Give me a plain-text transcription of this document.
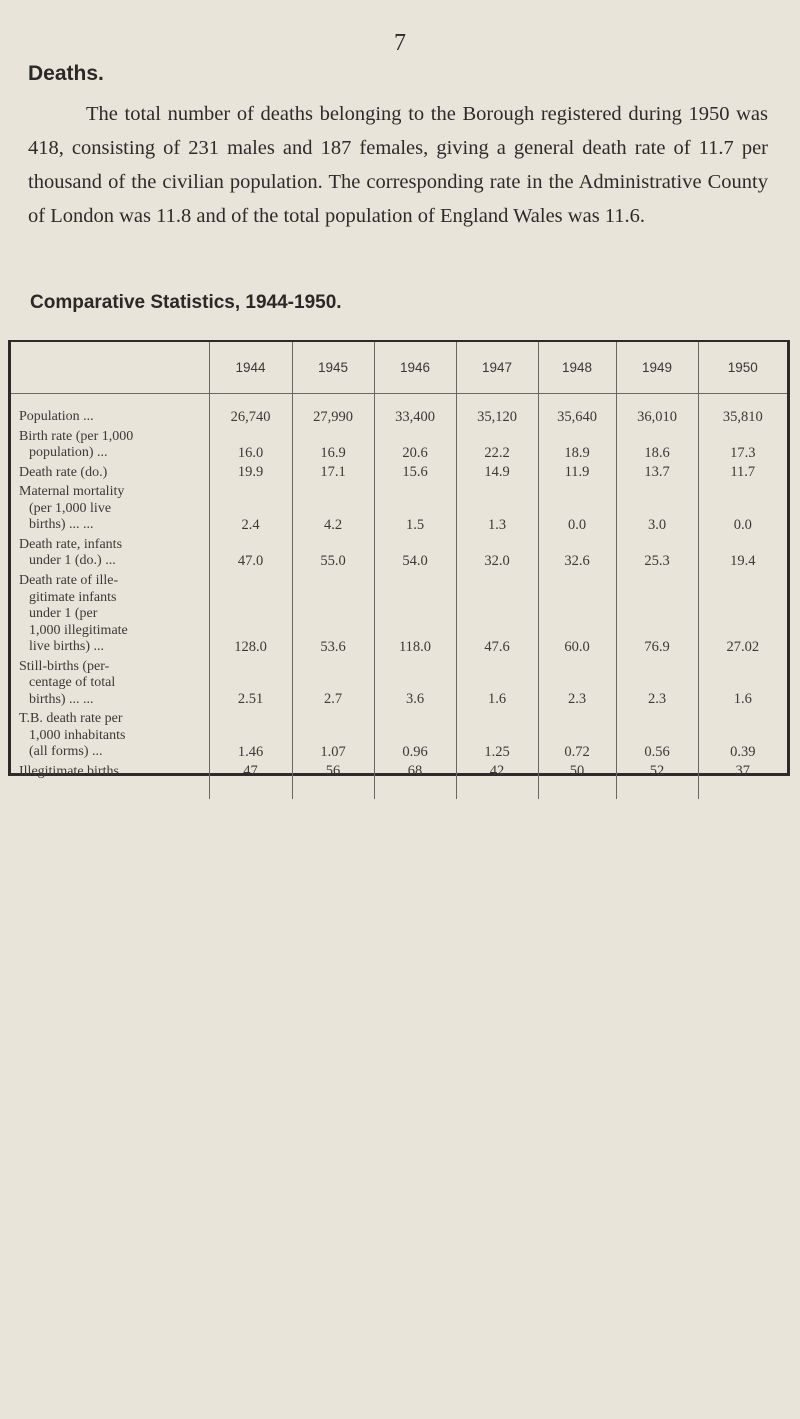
7
Deaths.

The total number of deaths belonging to the Borough registered during 1950 was 418, consisting of 231 males and 187 females, giving a general death rate of 11.7 per thousand of the civilian population. The corresponding rate in the Administrative County of London was 11.8 and of the total population of England Wales was 11.6.

Comparative Statistics, 1944-1950.
	1944	1945	1946	1947	1948	1949	1950

Population ...	26,740	27,990	33,400	35,120	35,640	36,010	35,810

Birth rate (per 1,000
population) ...	16.0	16.9	20.6	22.2	18.9	18.6	17.3

Death rate (do.)	19.9	17.1	15.6	14.9	11.9	13.7	11.7

Maternal mortality
(per 1,000 live
births) ... ...	2.4	4.2	1.5	1.3	0.0	3.0	0.0

Death rate, infants
under 1 (do.) ...	47.0	55.0	54.0	32.0	32.6	25.3	19.4

Death rate of ille-
gitimate infants
under 1 (per
1,000 illegitimate
live births) ...	128.0	53.6	118.0	47.6	60.0	76.9	27.02

Still-births (per-
centage of total
births) ... ...	2.51	2.7	3.6	1.6	2.3	2.3	1.6

T.B. death rate per
1,000 inhabitants
(all forms) ...	1.46	1.07	0.96	1.25	0.72	0.56	0.39

Illegitimate births	47	56	68	42	50	52	37
